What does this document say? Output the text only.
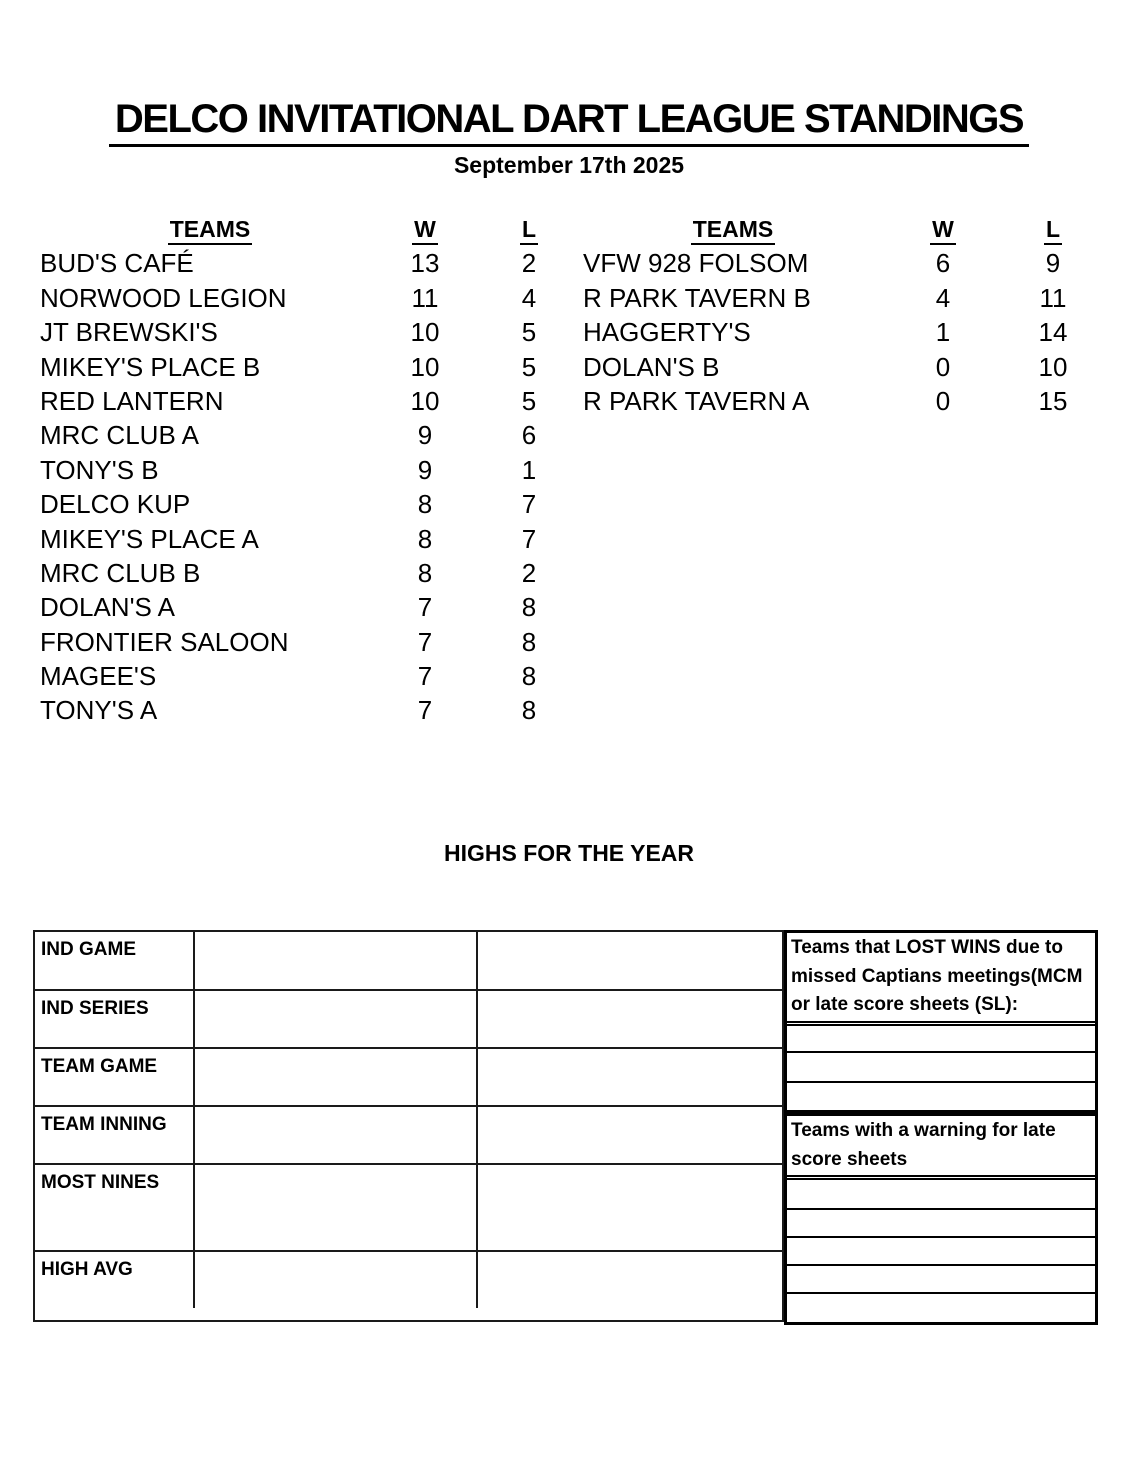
DELCO INVITATIONAL DART LEAGUE STANDINGS
September 17th 2025
TEAMS	W	L
BUD'S CAFÉ	13	2
NORWOOD LEGION	11	4
JT BREWSKI'S	10	5
MIKEY'S PLACE B	10	5
RED LANTERN	10	5
MRC CLUB A	9	6
TONY'S B	9	1
DELCO KUP	8	7
MIKEY'S PLACE A	8	7
MRC CLUB B	8	2
DOLAN'S A	7	8
FRONTIER SALOON	7	8
MAGEE'S	7	8
TONY'S A	7	8
TEAMS	W	L
VFW 928 FOLSOM	6	9
R PARK TAVERN B	4	11
HAGGERTY'S	1	14
DOLAN'S B	0	10
R PARK TAVERN A	0	15
HIGHS FOR THE YEAR
IND GAME
IND SERIES
TEAM GAME
TEAM INNING
MOST NINES
HIGH AVG
Teams that LOST WINS due to
missed Captians meetings(MCM
or late score sheets (SL):
Teams with a warning for late
score sheets
